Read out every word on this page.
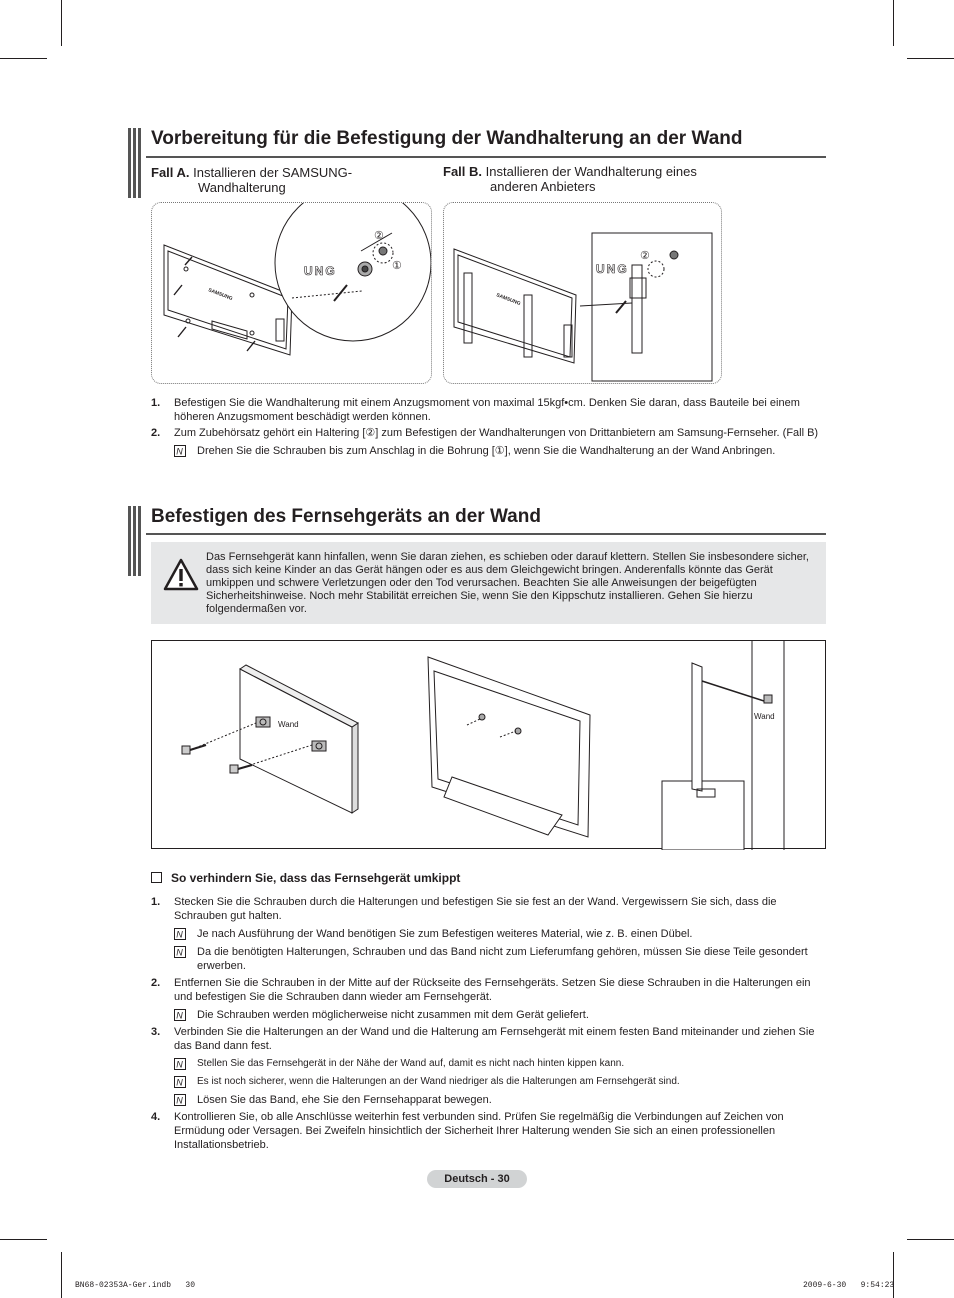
Vorbereitung für die Befestigung der Wandhalterung an der Wand
Fall A. Installieren der SAMSUNG-
Wandhalterung
Fall B. Installieren der Wandhalterung eines
anderen Anbieters
UNG
SAMSUNG
①
②
UNG
SAMSUNG
②
1. Befestigen Sie die Wandhalterung mit einem Anzugsmoment von maximal 15kgf•cm. Denken Sie daran, dass Bauteile bei einem höheren Anzugsmoment beschädigt werden können.
2. Zum Zubehörsatz gehört ein Haltering [②] zum Befestigen der Wandhalterungen von Drittanbietern am Samsung-Fernseher. (Fall B)
N Drehen Sie die Schrauben bis zum Anschlag in die Bohrung [①], wenn Sie die Wandhalterung an der Wand Anbringen.
Befestigen des Fernsehgeräts an der Wand
Das Fernsehgerät kann hinfallen, wenn Sie daran ziehen, es schieben oder darauf klettern. Stellen Sie insbesondere sicher, dass sich keine Kinder an das Gerät hängen oder es aus dem Gleichgewicht bringen. Anderenfalls könnte das Gerät umkippen und schwere Verletzungen oder den Tod verursachen. Beachten Sie alle Anweisungen der beigefügten Sicherheitshinweise. Noch mehr Stabilität erreichen Sie, wenn Sie den Kippschutz installieren. Gehen Sie hierzu folgendermaßen vor.
Wand
Wand
So verhindern Sie, dass das Fernsehgerät umkippt
1. Stecken Sie die Schrauben durch die Halterungen und befestigen Sie sie fest an der Wand. Vergewissern Sie sich, dass die Schrauben gut halten.
N Je nach Ausführung der Wand benötigen Sie zum Befestigen weiteres Material, wie z. B. einen Dübel.
N Da die benötigten Halterungen, Schrauben und das Band nicht zum Lieferumfang gehören, müssen Sie diese Teile gesondert erwerben.
2. Entfernen Sie die Schrauben in der Mitte auf der Rückseite des Fernsehgeräts. Setzen Sie diese Schrauben in die Halterungen ein und befestigen Sie die Schrauben dann wieder am Fernsehgerät.
N Die Schrauben werden möglicherweise nicht zusammen mit dem Gerät geliefert.
3. Verbinden Sie die Halterungen an der Wand und die Halterung am Fernsehgerät mit einem festen Band miteinander und ziehen Sie das Band dann fest.
N Stellen Sie das Fernsehgerät in der Nähe der Wand auf, damit es nicht nach hinten kippen kann.
N Es ist noch sicherer, wenn die Halterungen an der Wand niedriger als die Halterungen am Fernsehgerät sind.
N Lösen Sie das Band, ehe Sie den Fernsehapparat bewegen.
4. Kontrollieren Sie, ob alle Anschlüsse weiterhin fest verbunden sind. Prüfen Sie regelmäßig die Verbindungen auf Zeichen von Ermüdung oder Versagen. Bei Zweifeln hinsichtlich der Sicherheit Ihrer Halterung wenden Sie sich an einen professionellen Installationsbetrieb.
Deutsch - 30
BN68-02353A-Ger.indb   30	2009-6-30   9:54:23
